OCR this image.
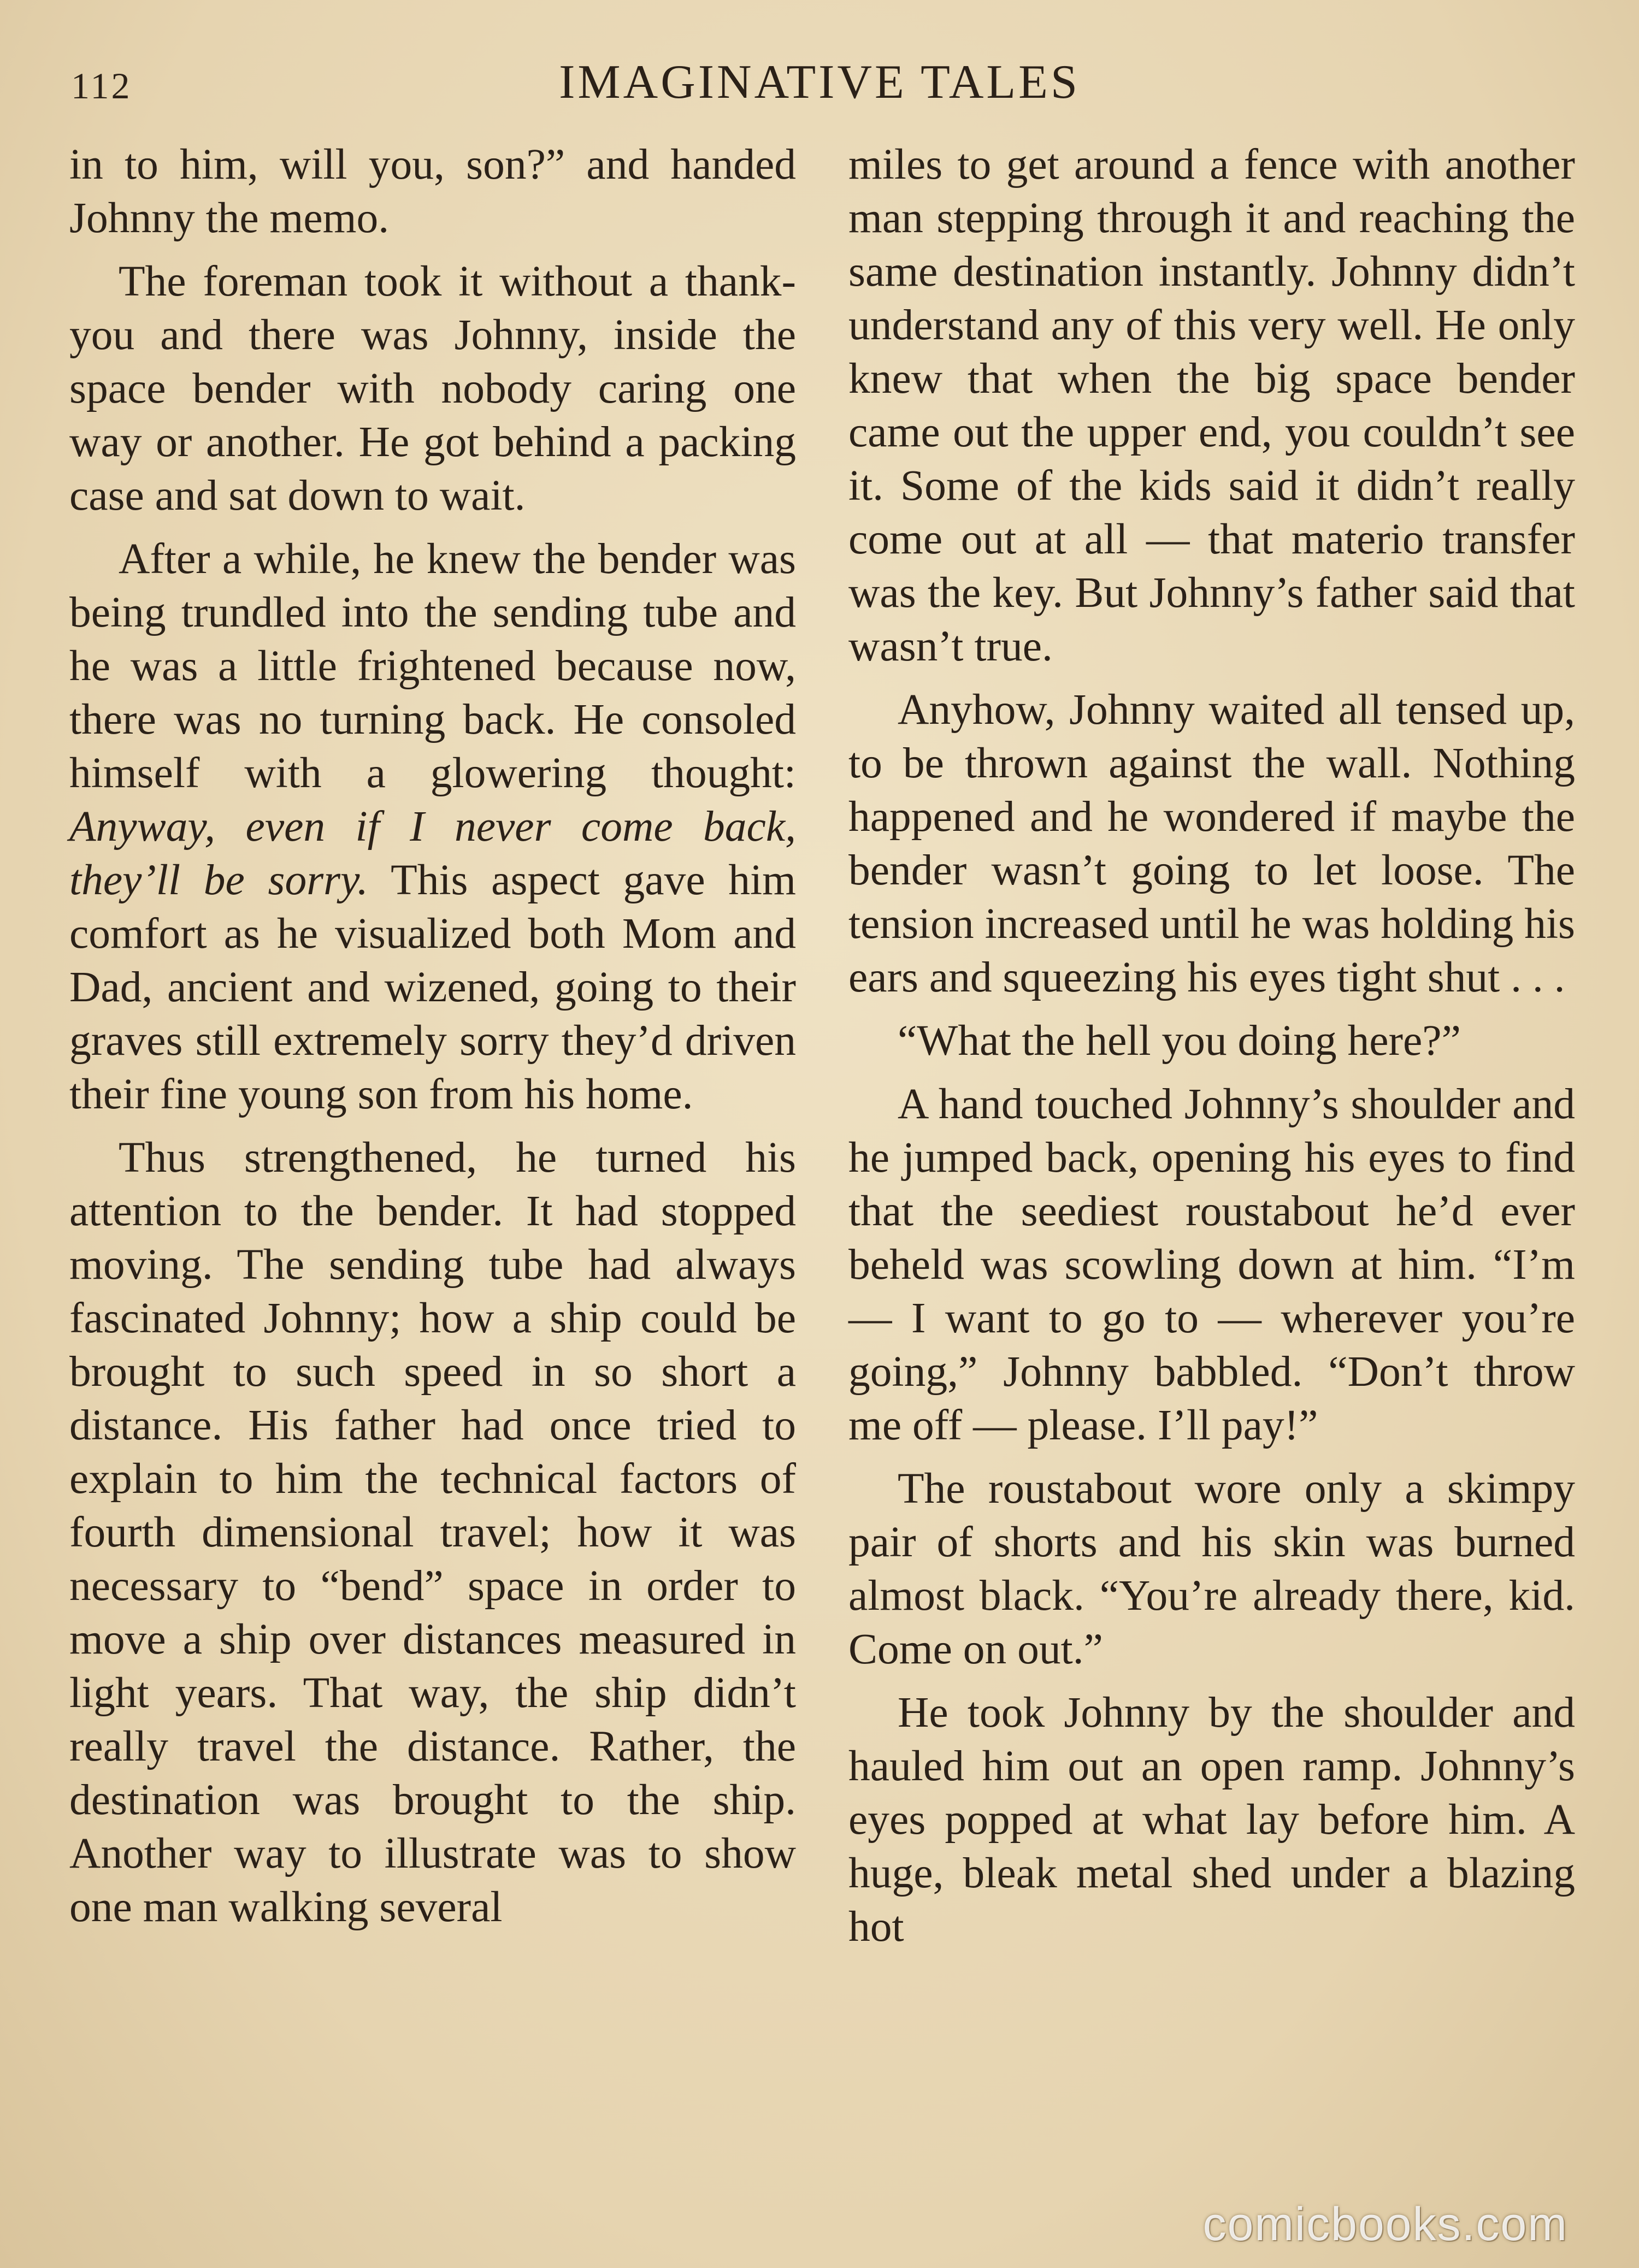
112	IMAGINATIVE TALES

in to him, will you, son?” and handed Johnny the memo.

The foreman took it without a thank-you and there was Johnny, inside the space bender with nobody caring one way or another. He got behind a packing case and sat down to wait.

After a while, he knew the bender was being trundled into the sending tube and he was a little frightened because now, there was no turning back. He consoled himself with a glowering thought: Anyway, even if I never come back, they’ll be sorry. This aspect gave him comfort as he visualized both Mom and Dad, ancient and wizened, going to their graves still extremely sorry they’d driven their fine young son from his home.

Thus strengthened, he turned his attention to the bender. It had stopped moving. The sending tube had always fascinated Johnny; how a ship could be brought to such speed in so short a distance. His father had once tried to explain to him the technical factors of fourth dimensional travel; how it was necessary to “bend” space in order to move a ship over distances measured in light years. That way, the ship didn’t really travel the distance. Rather, the destination was brought to the ship. Another way to illustrate was to show one man walking several

miles to get around a fence with another man stepping through it and reaching the same destination instantly. Johnny didn’t understand any of this very well. He only knew that when the big space bender came out the upper end, you couldn’t see it. Some of the kids said it didn’t really come out at all — that materio transfer was the key. But Johnny’s father said that wasn’t true.

Anyhow, Johnny waited all tensed up, to be thrown against the wall. Nothing happened and he wondered if maybe the bender wasn’t going to let loose. The tension increased until he was holding his ears and squeezing his eyes tight shut . . .

“What the hell you doing here?”

A hand touched Johnny’s shoulder and he jumped back, opening his eyes to find that the seediest roustabout he’d ever beheld was scowling down at him. “I’m — I want to go to — wherever you’re going,” Johnny babbled. “Don’t throw me off — please. I’ll pay!”

The roustabout wore only a skimpy pair of shorts and his skin was burned almost black. “You’re already there, kid. Come on out.”

He took Johnny by the shoulder and hauled him out an open ramp. Johnny’s eyes popped at what lay before him. A huge, bleak metal shed under a blazing hot

comicbooks.com
